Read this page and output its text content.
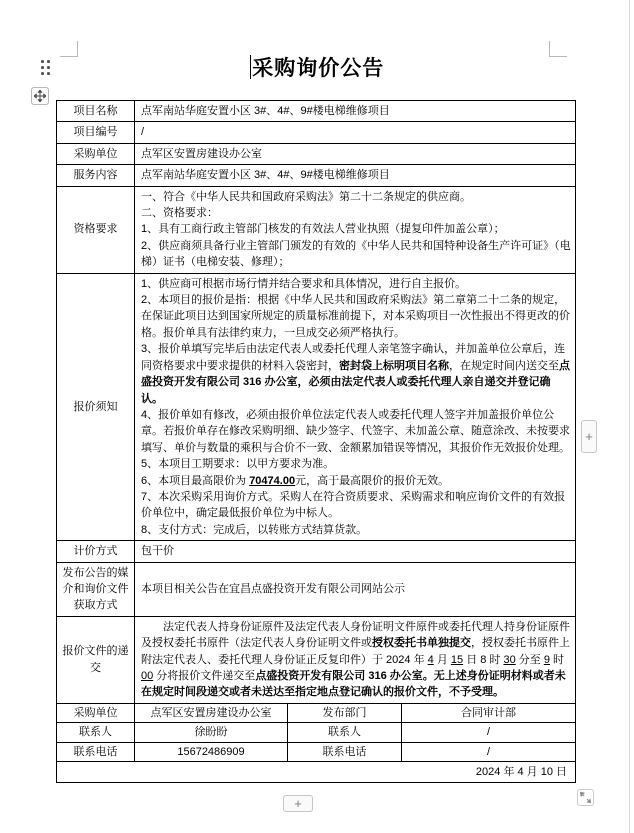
采购询价公告
项目名称	点军南站华庭安置小区 3#、4#、9#楼电梯维修项目		
项目编号	/		
采购单位	点军区安置房建设办公室		
服务内容	点军南站华庭安置小区 3#、4#、9#楼电梯维修项目		
资格要求	一、符合《中华人民共和国政府采购法》第二十二条规定的供应商。
二、资格要求：
1、具有工商行政主管部门核发的有效法人营业执照（提复印件加盖公章）；
2、供应商须具备行业主管部门颁发的有效的《中华人民共和国特种设备生产许可证》（电梯）证书（电梯安装、修理）；		

报价须知	
1、供应商可根据市场行情并结合要求和具体情况，进行自主报价。
2、本项目的报价是指：根据《中华人民共和国政府采购法》第二章第二十二条的规定，在保证此项目达到国家所规定的质量标准前提下，对本采购项目一次性报出不得更改的价格。报价单具有法律约束力，一旦成交必须严格执行。
3、报价单填写完毕后由法定代表人或委托代理人亲笔签字确认，并加盖单位公章后，连同资格要求中要求提供的材料入袋密封，密封袋上标明项目名称，在规定时间内送交至点盛投资开发有限公司 316 办公室，必须由法定代表人或委托代理人亲自递交并登记确认。
4、报价单如有修改，必须由报价单位法定代表人或委托代理人签字并加盖报价单位公章。若报价单存在修改采购明细、缺少签字、代签字、未加盖公章、随意涂改、未按要求填写、单价与数量的乘积与合价不一致、金额累加错误等情况，其报价作无效报价处理。
5、本项目工期要求：以甲方要求为准。
6、本项目最高限价为 70474.00元，高于最高限价的报价无效。
7、本次采购采用询价方式。采购人在符合资质要求、采购需求和响应询价文件的有效报价单位中，确定最低报价单位为中标人。
8、支付方式：完成后，以转账方式结算货款。

计价方式	包干价		
发布公告的媒介和询价文件获取方式	本项目相关公告在宜昌点盛投资开发有限公司网站公示		
报价文件的递交	法定代表人持身份证原件及法定代表人身份证明文件原件或委托代理人持身份证原件及授权委托书原件（法定代表人身份证明文件或授权委托书单独提交，授权委托书原件上附法定代表人、委托代理人身份证正反复印件）于 2024 年 4 月 15 日 8 时 30 分至 9 时 00 分将报价文件递交至点盛投资开发有限公司 316 办公室。无上述身份证明材料或者未在规定时间段递交或者未送达至指定地点登记确认的报价文件，不予受理。		

采购单位	点军区安置房建设办公室	发布部门	合同审计部
联系人	徐盼盼	联系人	/
联系电话	15672486909	联系电话	/
2024 年 4 月 10 日			
+
+
